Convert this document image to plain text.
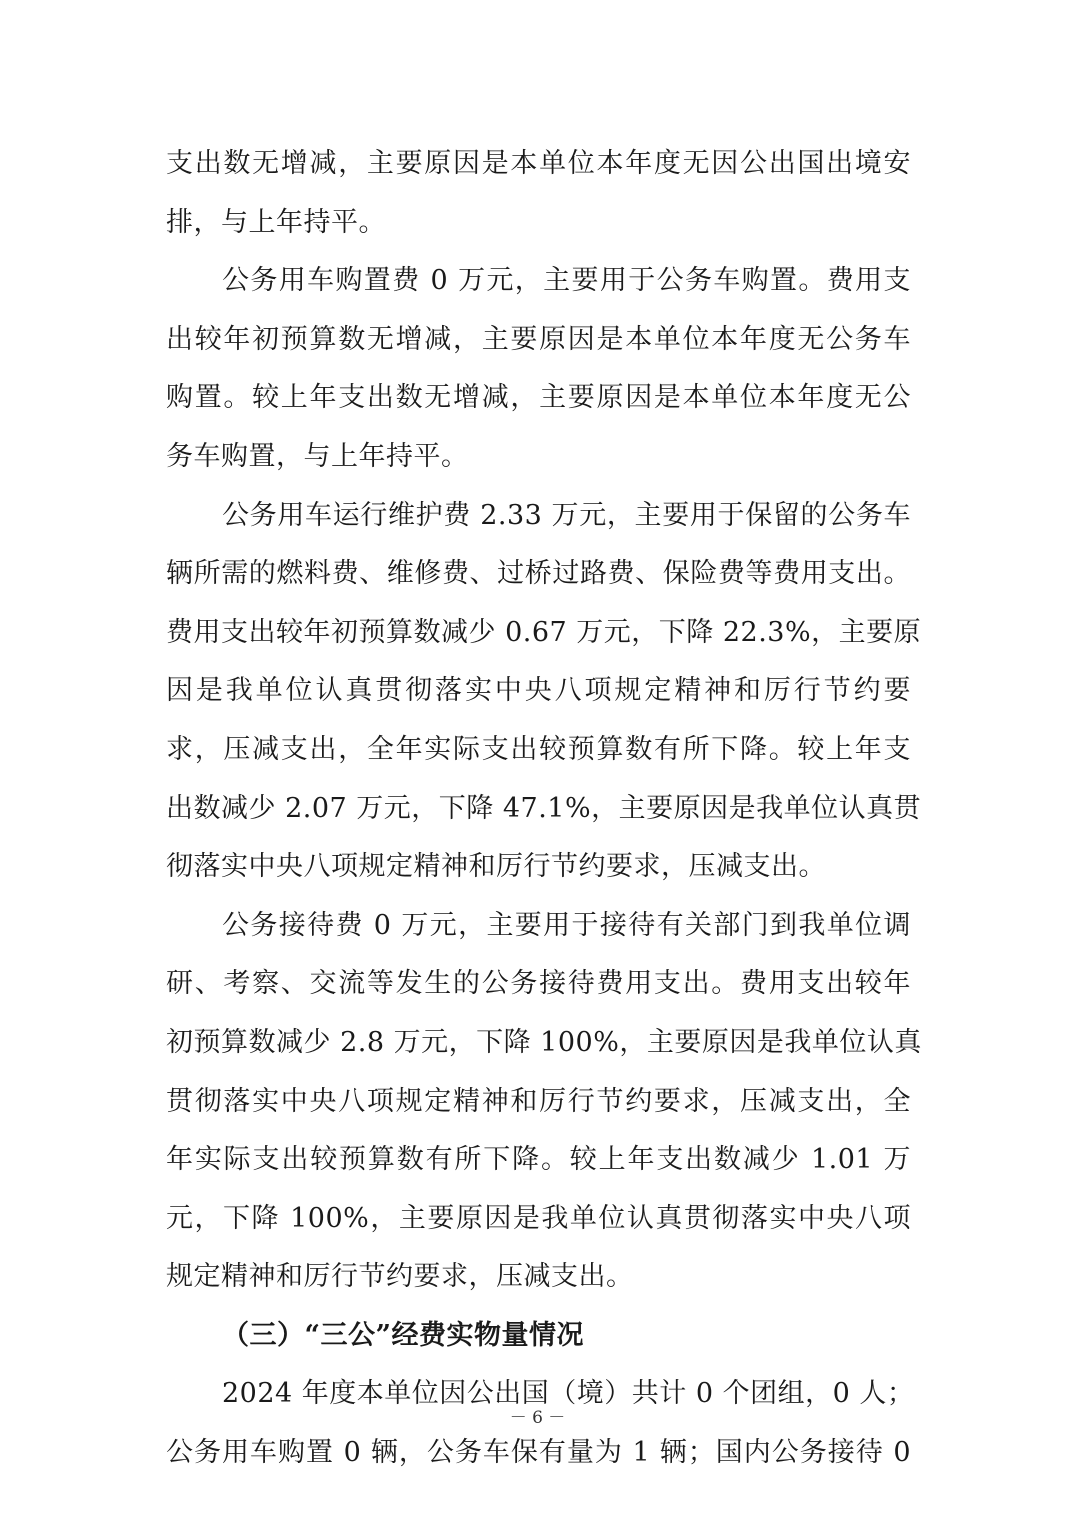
支出数无增减，主要原因是本单位本年度无因公出国出境安
排，与上年持平。
公务用车购置费 0 万元，主要用于公务车购置。费用支
出较年初预算数无增减，主要原因是本单位本年度无公务车
购置。较上年支出数无增减，主要原因是本单位本年度无公
务车购置，与上年持平。
公务用车运行维护费 2.33 万元，主要用于保留的公务车
辆所需的燃料费、维修费、过桥过路费、保险费等费用支出。
费用支出较年初预算数减少 0.67 万元，下降 22.3%，主要原
因是我单位认真贯彻落实中央八项规定精神和厉行节约要
求，压减支出，全年实际支出较预算数有所下降。较上年支
出数减少 2.07 万元，下降 47.1%，主要原因是我单位认真贯
彻落实中央八项规定精神和厉行节约要求，压减支出。
公务接待费 0 万元，主要用于接待有关部门到我单位调
研、考察、交流等发生的公务接待费用支出。费用支出较年
初预算数减少 2.8 万元，下降 100%，主要原因是我单位认真
贯彻落实中央八项规定精神和厉行节约要求，压减支出，全
年实际支出较预算数有所下降。较上年支出数减少 1.01 万
元，下降 100%，主要原因是我单位认真贯彻落实中央八项
规定精神和厉行节约要求，压减支出。
（三）“三公”经费实物量情况
2024 年度本单位因公出国（境）共计 0 个团组，0 人；
公务用车购置 0 辆，公务车保有量为 1 辆；国内公务接待 0
－ 6 －
